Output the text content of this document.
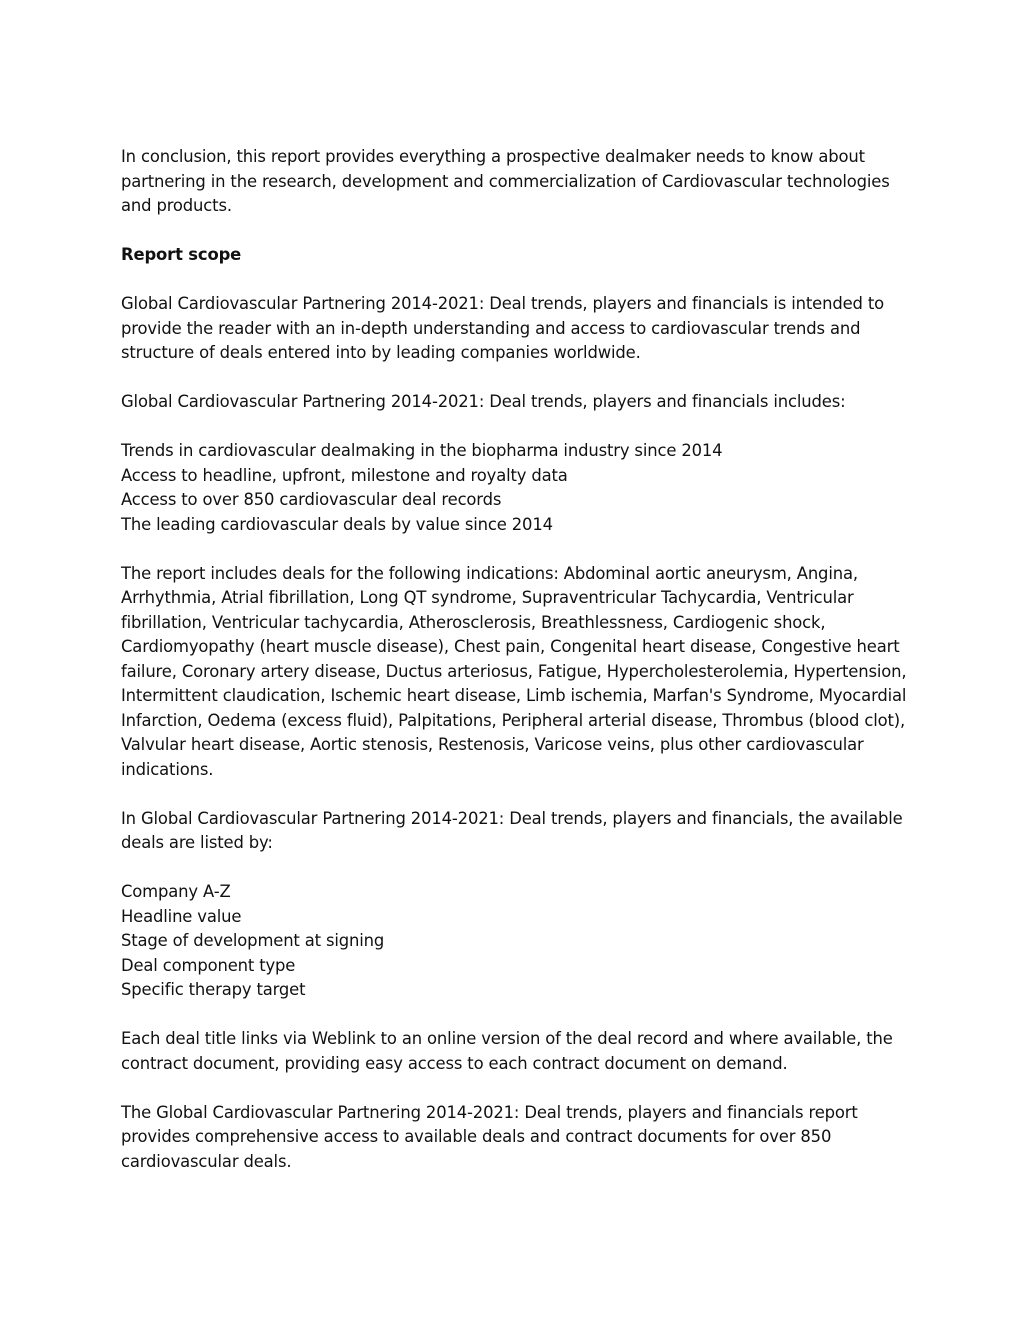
In conclusion, this report provides everything a prospective dealmaker needs to know about partnering in the research, development and commercialization of Cardiovascular technologies and products.

Report scope

Global Cardiovascular Partnering 2014-2021: Deal trends, players and financials is intended to provide the reader with an in-depth understanding and access to cardiovascular trends and structure of deals entered into by leading companies worldwide.

Global Cardiovascular Partnering 2014-2021: Deal trends, players and financials includes:

Trends in cardiovascular dealmaking in the biopharma industry since 2014
Access to headline, upfront, milestone and royalty data
Access to over 850 cardiovascular deal records
The leading cardiovascular deals by value since 2014

The report includes deals for the following indications: Abdominal aortic aneurysm, Angina, Arrhythmia, Atrial fibrillation, Long QT syndrome, Supraventricular Tachycardia, Ventricular fibrillation, Ventricular tachycardia, Atherosclerosis, Breathlessness, Cardiogenic shock, Cardiomyopathy (heart muscle disease), Chest pain, Congenital heart disease, Congestive heart failure, Coronary artery disease, Ductus arteriosus, Fatigue, Hypercholesterolemia, Hypertension, Intermittent claudication, Ischemic heart disease, Limb ischemia, Marfan's Syndrome, Myocardial Infarction, Oedema (excess fluid), Palpitations, Peripheral arterial disease, Thrombus (blood clot), Valvular heart disease, Aortic stenosis, Restenosis, Varicose veins, plus other cardiovascular indications.

In Global Cardiovascular Partnering 2014-2021: Deal trends, players and financials, the available deals are listed by:

Company A-Z
Headline value
Stage of development at signing
Deal component type
Specific therapy target

Each deal title links via Weblink to an online version of the deal record and where available, the contract document, providing easy access to each contract document on demand.

The Global Cardiovascular Partnering 2014-2021: Deal trends, players and financials report provides comprehensive access to available deals and contract documents for over 850 cardiovascular deals.
